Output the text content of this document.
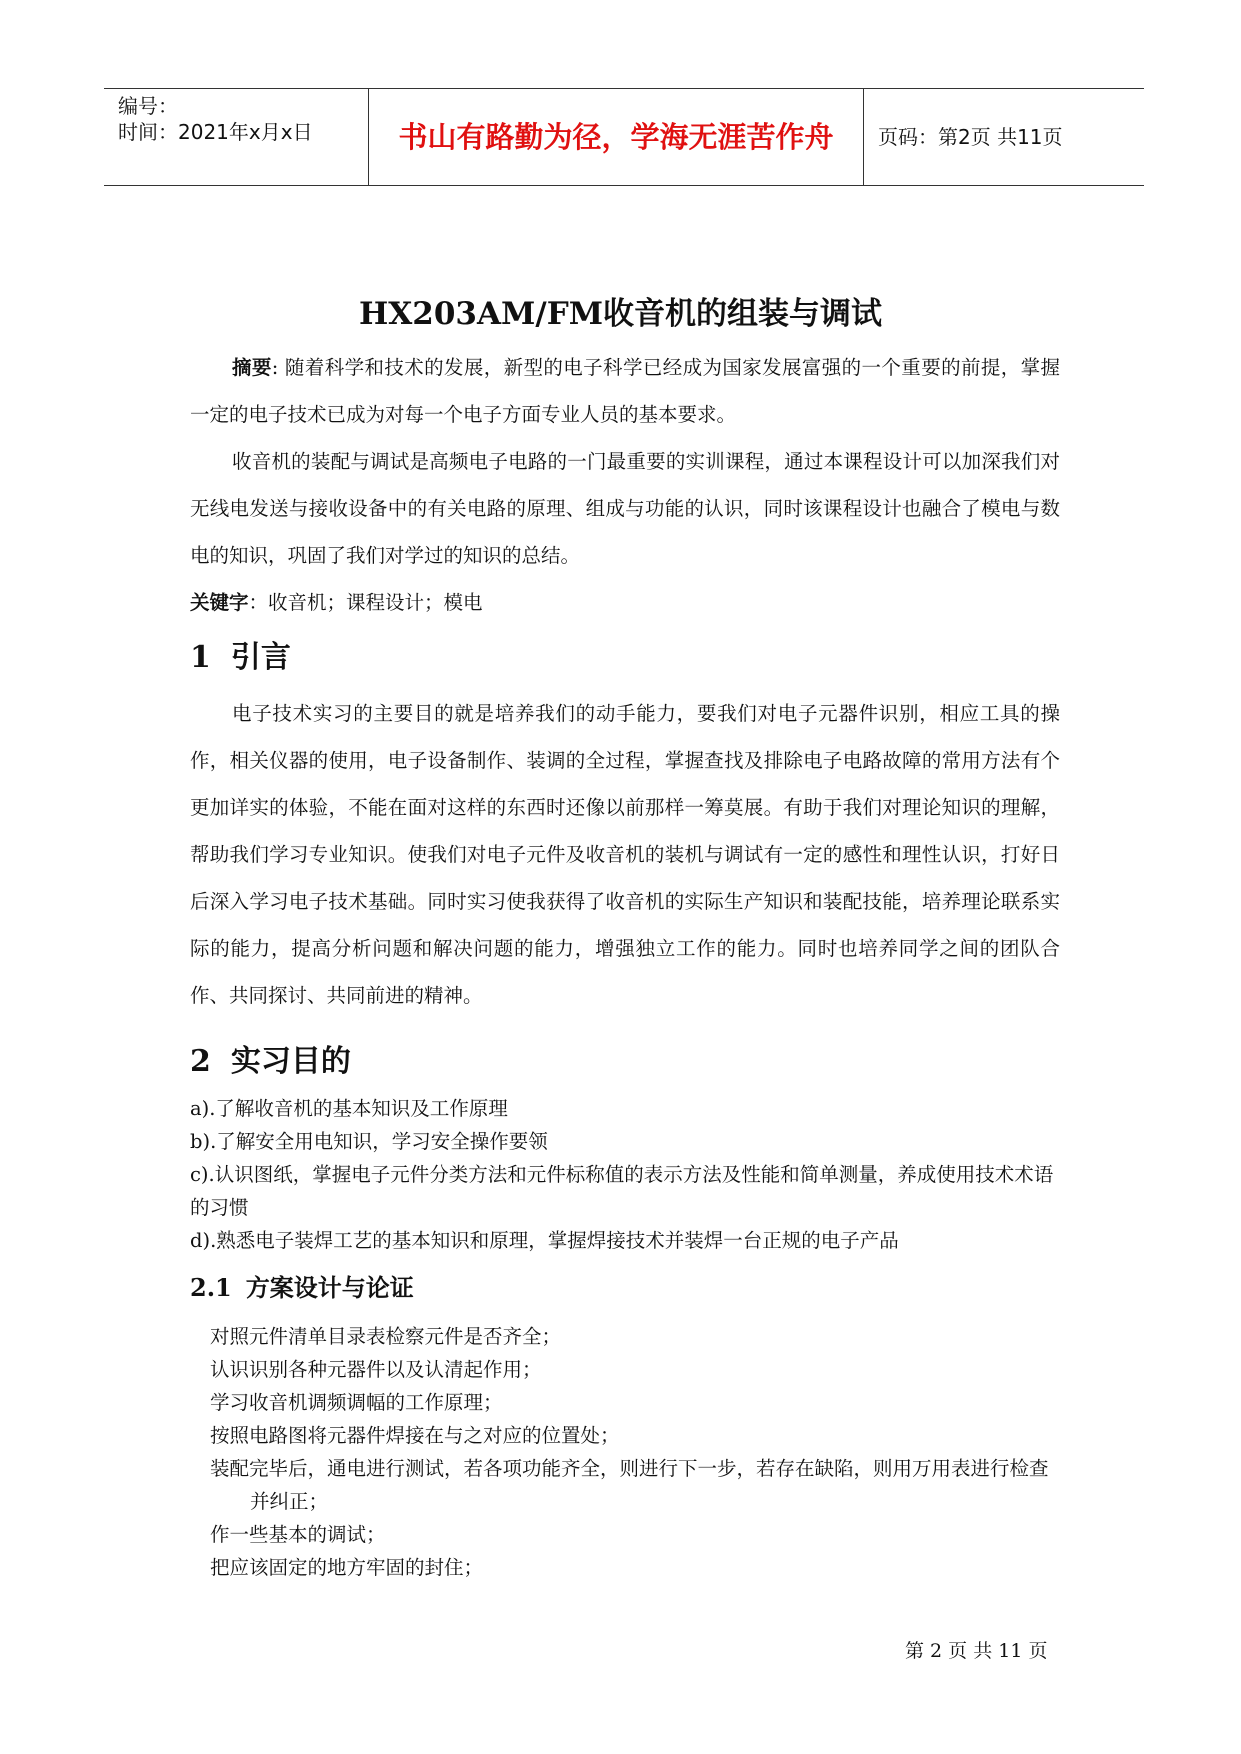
编号：
时间：2021年x月x日	书山有路勤为径，学海无涯苦作舟	页码：第2页 共11页
HX203AM/FM收音机的组装与调试

摘要: 随着科学和技术的发展，新型的电子科学已经成为国家发展富强的一个重要的前提，掌握一定的电子技术已成为对每一个电子方面专业人员的基本要求。

收音机的装配与调试是高频电子电路的一门最重要的实训课程，通过本课程设计可以加深我们对无线电发送与接收设备中的有关电路的原理、组成与功能的认识，同时该课程设计也融合了模电与数电的知识，巩固了我们对学过的知识的总结。

关键字：收音机；课程设计；模电

1 引言

电子技术实习的主要目的就是培养我们的动手能力，要我们对电子元器件识别，相应工具的操作，相关仪器的使用，电子设备制作、装调的全过程，掌握查找及排除电子电路故障的常用方法有个更加详实的体验，不能在面对这样的东西时还像以前那样一筹莫展。有助于我们对理论知识的理解，帮助我们学习专业知识。使我们对电子元件及收音机的装机与调试有一定的感性和理性认识，打好日后深入学习电子技术基础。同时实习使我获得了收音机的实际生产知识和装配技能，培养理论联系实际的能力，提高分析问题和解决问题的能力，增强独立工作的能力。同时也培养同学之间的团队合作、共同探讨、共同前进的精神。

2 实习目的

a).了解收音机的基本知识及工作原理

b).了解安全用电知识，学习安全操作要领

c).认识图纸，掌握电子元件分类方法和元件标称值的表示方法及性能和简单测量，养成使用技术术语的习惯

d).熟悉电子装焊工艺的基本知识和原理，掌握焊接技术并装焊一台正规的电子产品

2.1 方案设计与论证

对照元件清单目录表检察元件是否齐全；

认识识别各种元器件以及认清起作用；

学习收音机调频调幅的工作原理；

按照电路图将元器件焊接在与之对应的位置处；

装配完毕后，通电进行测试，若各项功能齐全，则进行下一步，若存在缺陷，则用万用表进行检查并纠正；

作一些基本的调试；

把应该固定的地方牢固的封住；

第 2 页 共 11 页
